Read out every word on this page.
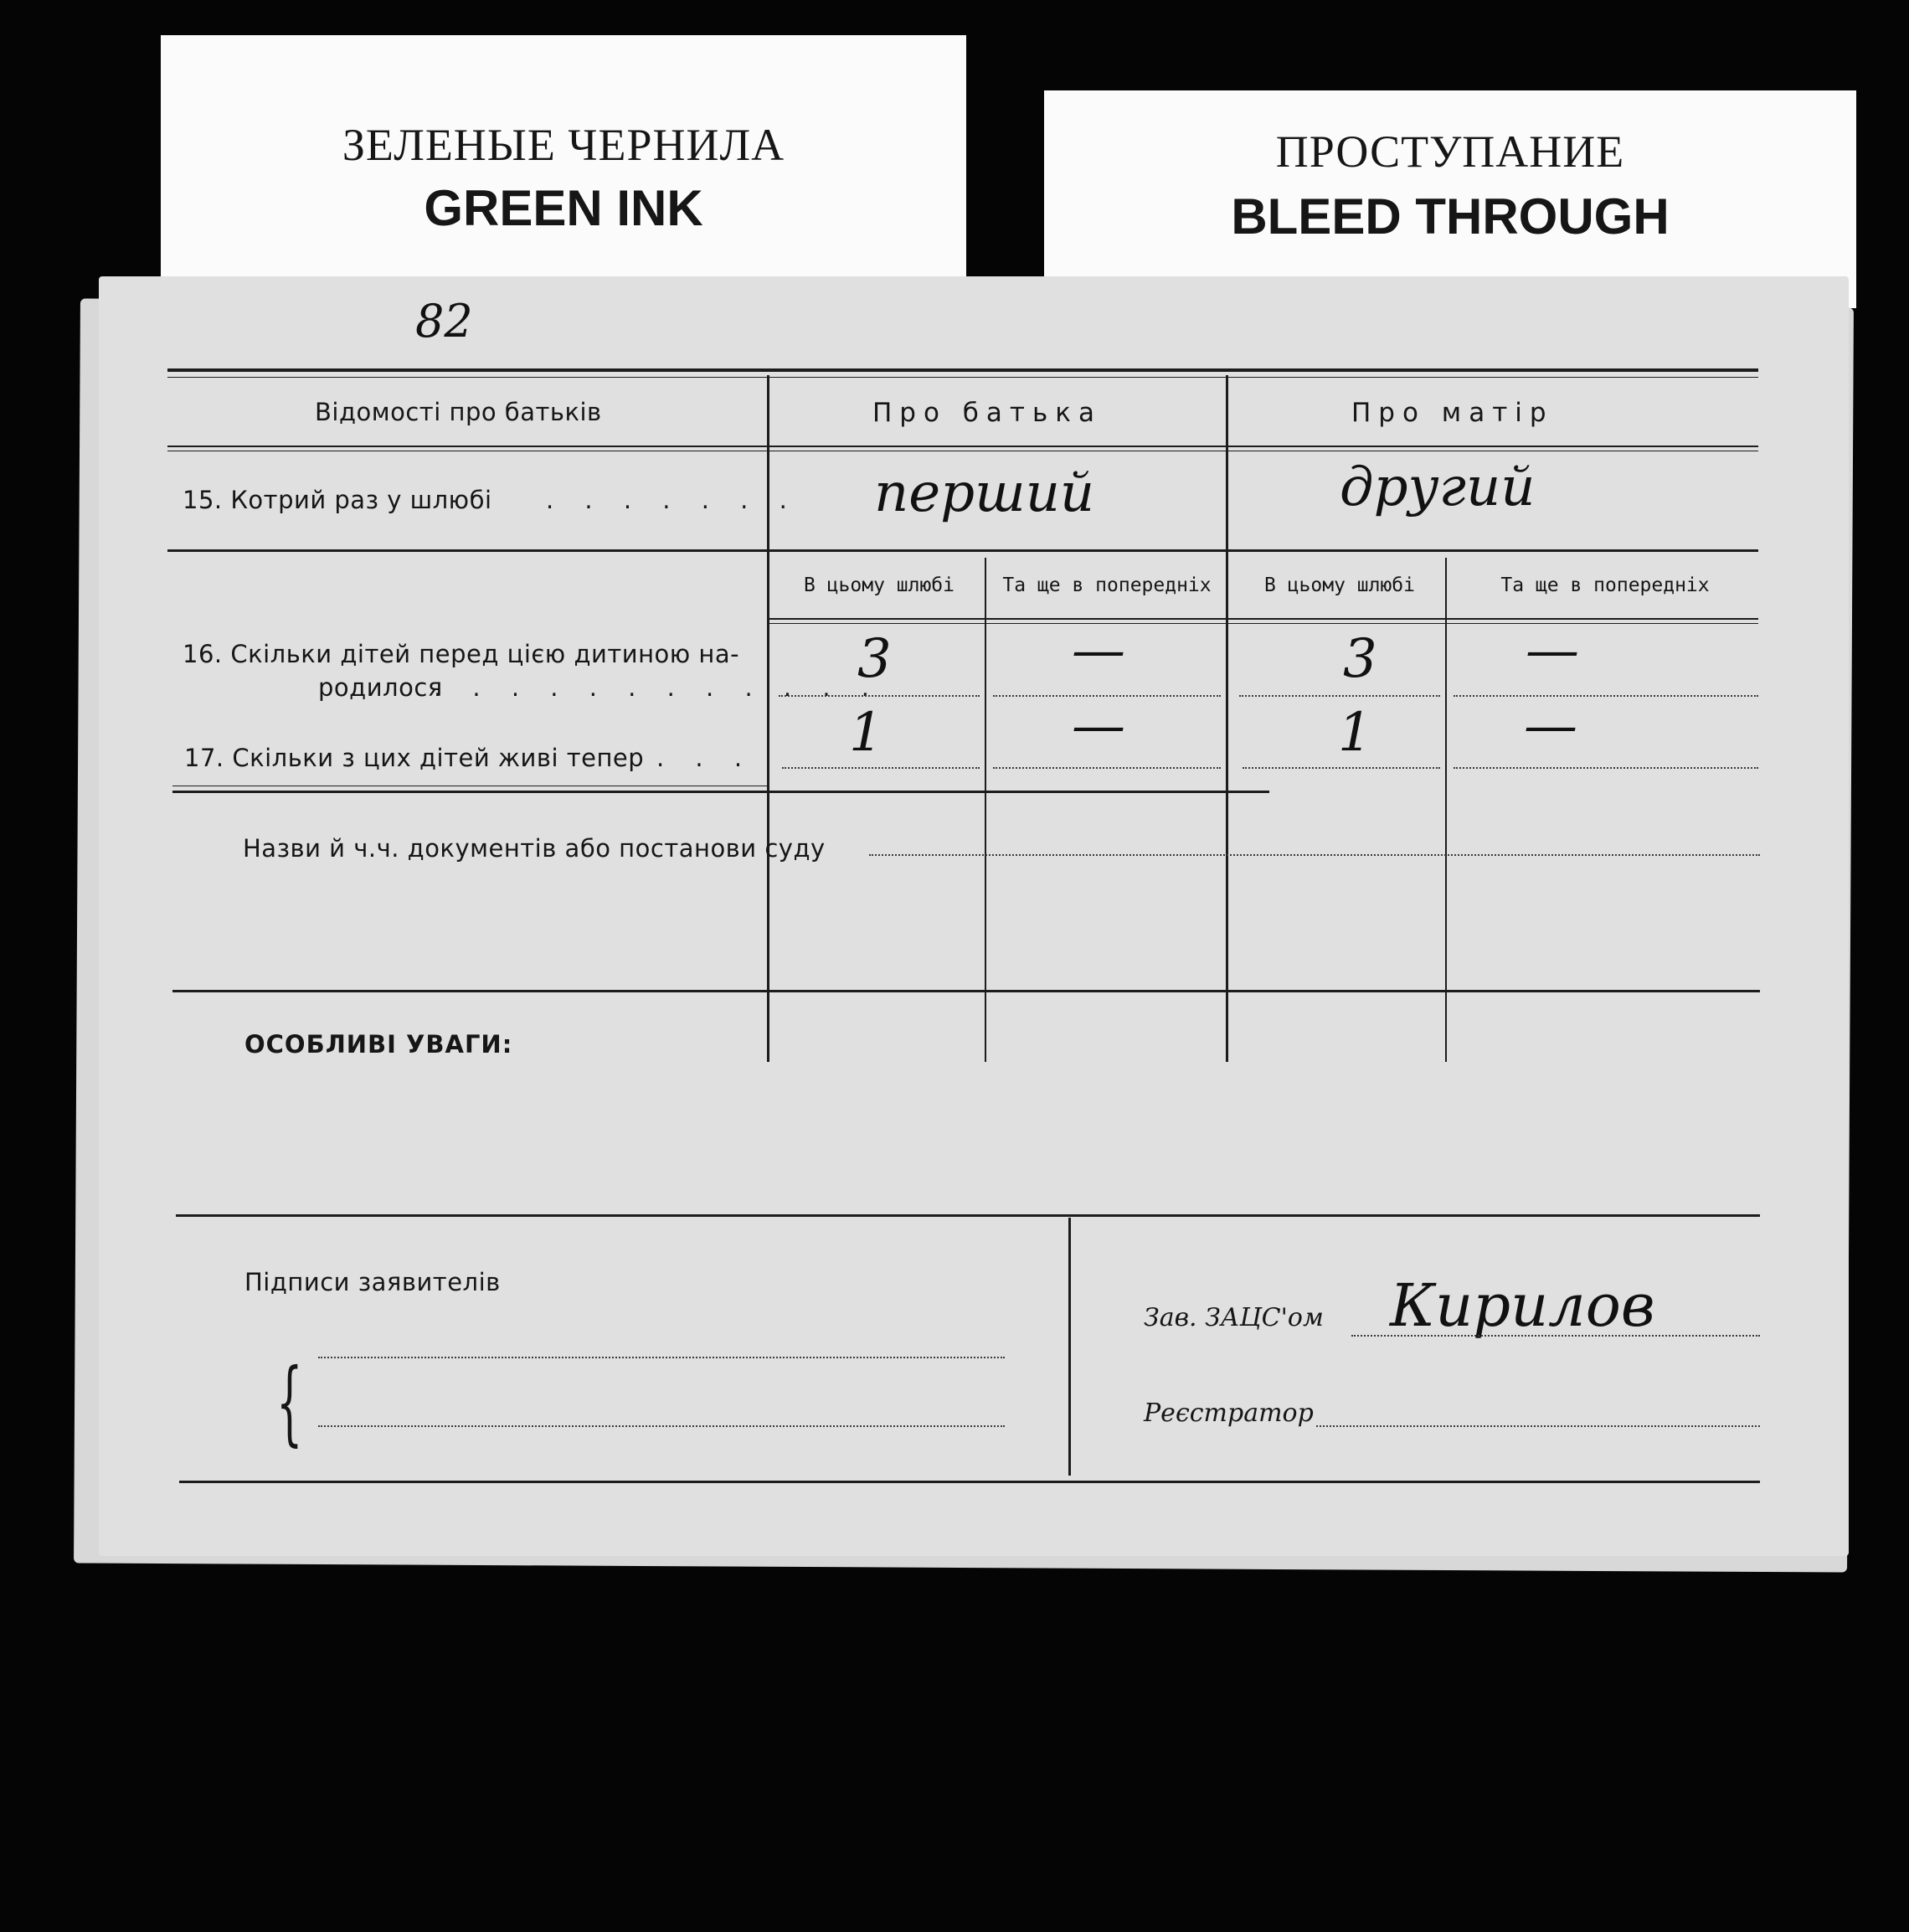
ЗЕЛЕНЫЕ ЧЕРНИЛА
GREEN INK
ПРОСТУПАНИЕ
BLEED THROUGH
82
Відомості про батьків	Про батька	Про матір
15. Котрий раз у шлюбі . . . . . . . перший	другий
В цьому шлюбі	Та ще в попередніх	В цьому шлюбі	Та ще в попередніх
16. Скільки дітей перед цією дитиною на-
родилося
. . . . . . . . . . . .
3	—	3	—
17. Скільки з цих дітей живі тепер . . . 1	—	1	—
Назви й ч.ч. документів або постанови суду
ОСОБЛИВІ УВАГИ:
Підписи заявителів
{
Зав. ЗАЦС'ом Кирилов
Реєстратор
